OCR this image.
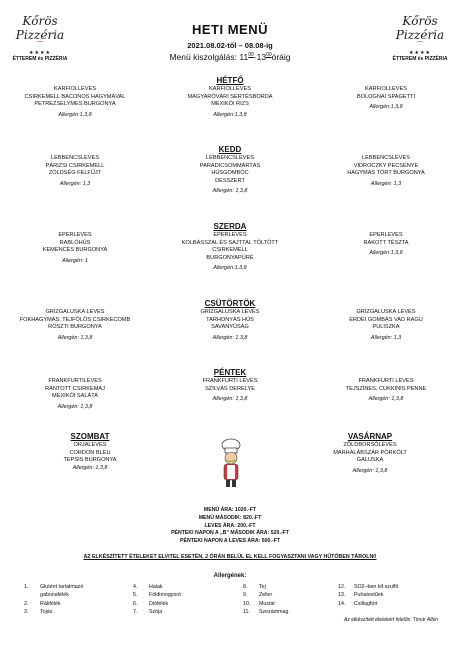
Kőrös Pizzéria
⌒
★★★★
ÉTTEREM és PIZZÉRIA
Kőrös Pizzéria
⌒
★★★★
ÉTTEREM és PIZZÉRIA
HETI MENÜ
2021.08.02-től – 08.08-ig
Menü kiszolgálás: $11^{00}-13^{00}óráig$
HÉTFŐ
KARFIOLLEVES
MAGYARÓVÁRI SERTÉSBORDA
MEXIKÓI RIZS
Allergén:1,3,8
KARFIOLLEVES
CSIRKEMELL BACONOS HAGYMÁVAL
PETREZSELYMES BURGONYA
Allergén:1,3,8
KARFIOLLEVES
BOLOGNAI SPAGETTI
Allergén:1,3,8
KEDD
LEBBENCSLEVES
PARADICSOMMÁRTÁS
HÚSGOMBÓC
DESSZERT
Allergén: 1,3,8
LEBBENCSLEVES
PÁRIZSI CSIRKEMELL
ZÖLDSÉG FELFŰJT
Allergén: 1,3
LEBBENCSLEVES
VIDROCZKY PECSENYE
HAGYMÁS TÖRT BURGONYA
Allergén: 1,3
SZERDA
EPERLEVES
KOLBÁSSZAL ÉS SAJTTAL TÖLTÖTT
CSIRKEMELL
BURGONYAPÜRÉ
Allergén:1,3,8
EPERLEVES
RABLÓHÚS
KEMENCÉS BURGONYA
Allergén: 1
EPERLEVES
RAKOTT TÉSZTA
Allergén:1,3,8
CSÜTÖRTÖK
GRÍZGALUSKA LEVES
TARHONYÁS HÚS
SAVANYÚSÁG
Allergén: 1,3,8
GRÍZGALUSKA LEVES
FOKHAGYMÁS, TEJFÖLÖS CSIRKECOMB
RÖSZTI BURGONYA
Allergén: 1,3,8
GRÍZGALUSKA LEVES
ERDEI GOMBÁS VAD RAGU
PULISZKA
Allergén: 1,3
PÉNTEK
FRANKFURTI LEVES
SZILVÁS DERELYE
Allergén: 1,3,8
FRANKFURTILEVES
RÁNTOTT CSIRKEMÁJ
MEXIKÓI SALÁTA
Allergén: 1,3,8
FRANKFURTI LEVES
TEJSZÍNES, CUKKINIS PENNE
Allergén: 1,3,8
SZOMBAT
ORJALEVES
CORDON BLEU
TEPSIS BURGONYA
Allergén: 1,3,8
VASÁRNAP
ZÖLDBORSÓLEVES
MARHALÁBSZÁR PÖRKÖLT
GALUSKA
Allergén: 1,3,8
MENÜ ÁRA: 1020.-FT
MENÜ MÁSODIK: 820.-FT
LEVES ÁRA: 200.-FT
PÉNTEKI NAPON A „B” MÁSODIK ÁRA: 520.-FT
PÉNTEKI NAPON A LEVES ÁRA: 500.-FT
AZ ELKÉSZÍTETT ÉTELEKET ELVITEL ESETÉN, 2 ÓRÁN BELÜL EL KELL FOGYASZTANI VAGY HŰTŐBEN TÁROLNI!
Allergének:
1. Glutént tartalmazó
gabonafélék
2. Rákfélék
3. Tojás
4. Halak
5. Földimogyoró
6. Diófélék
7. Szója
8. Tej
9. Zeller
10. Mustár
11. Szezámmag
12. SO2–ben kif.szulfit
13. Puhatestűek
14. Csillagfürt
Az elkészített ételekért felelős: Timár Albin
